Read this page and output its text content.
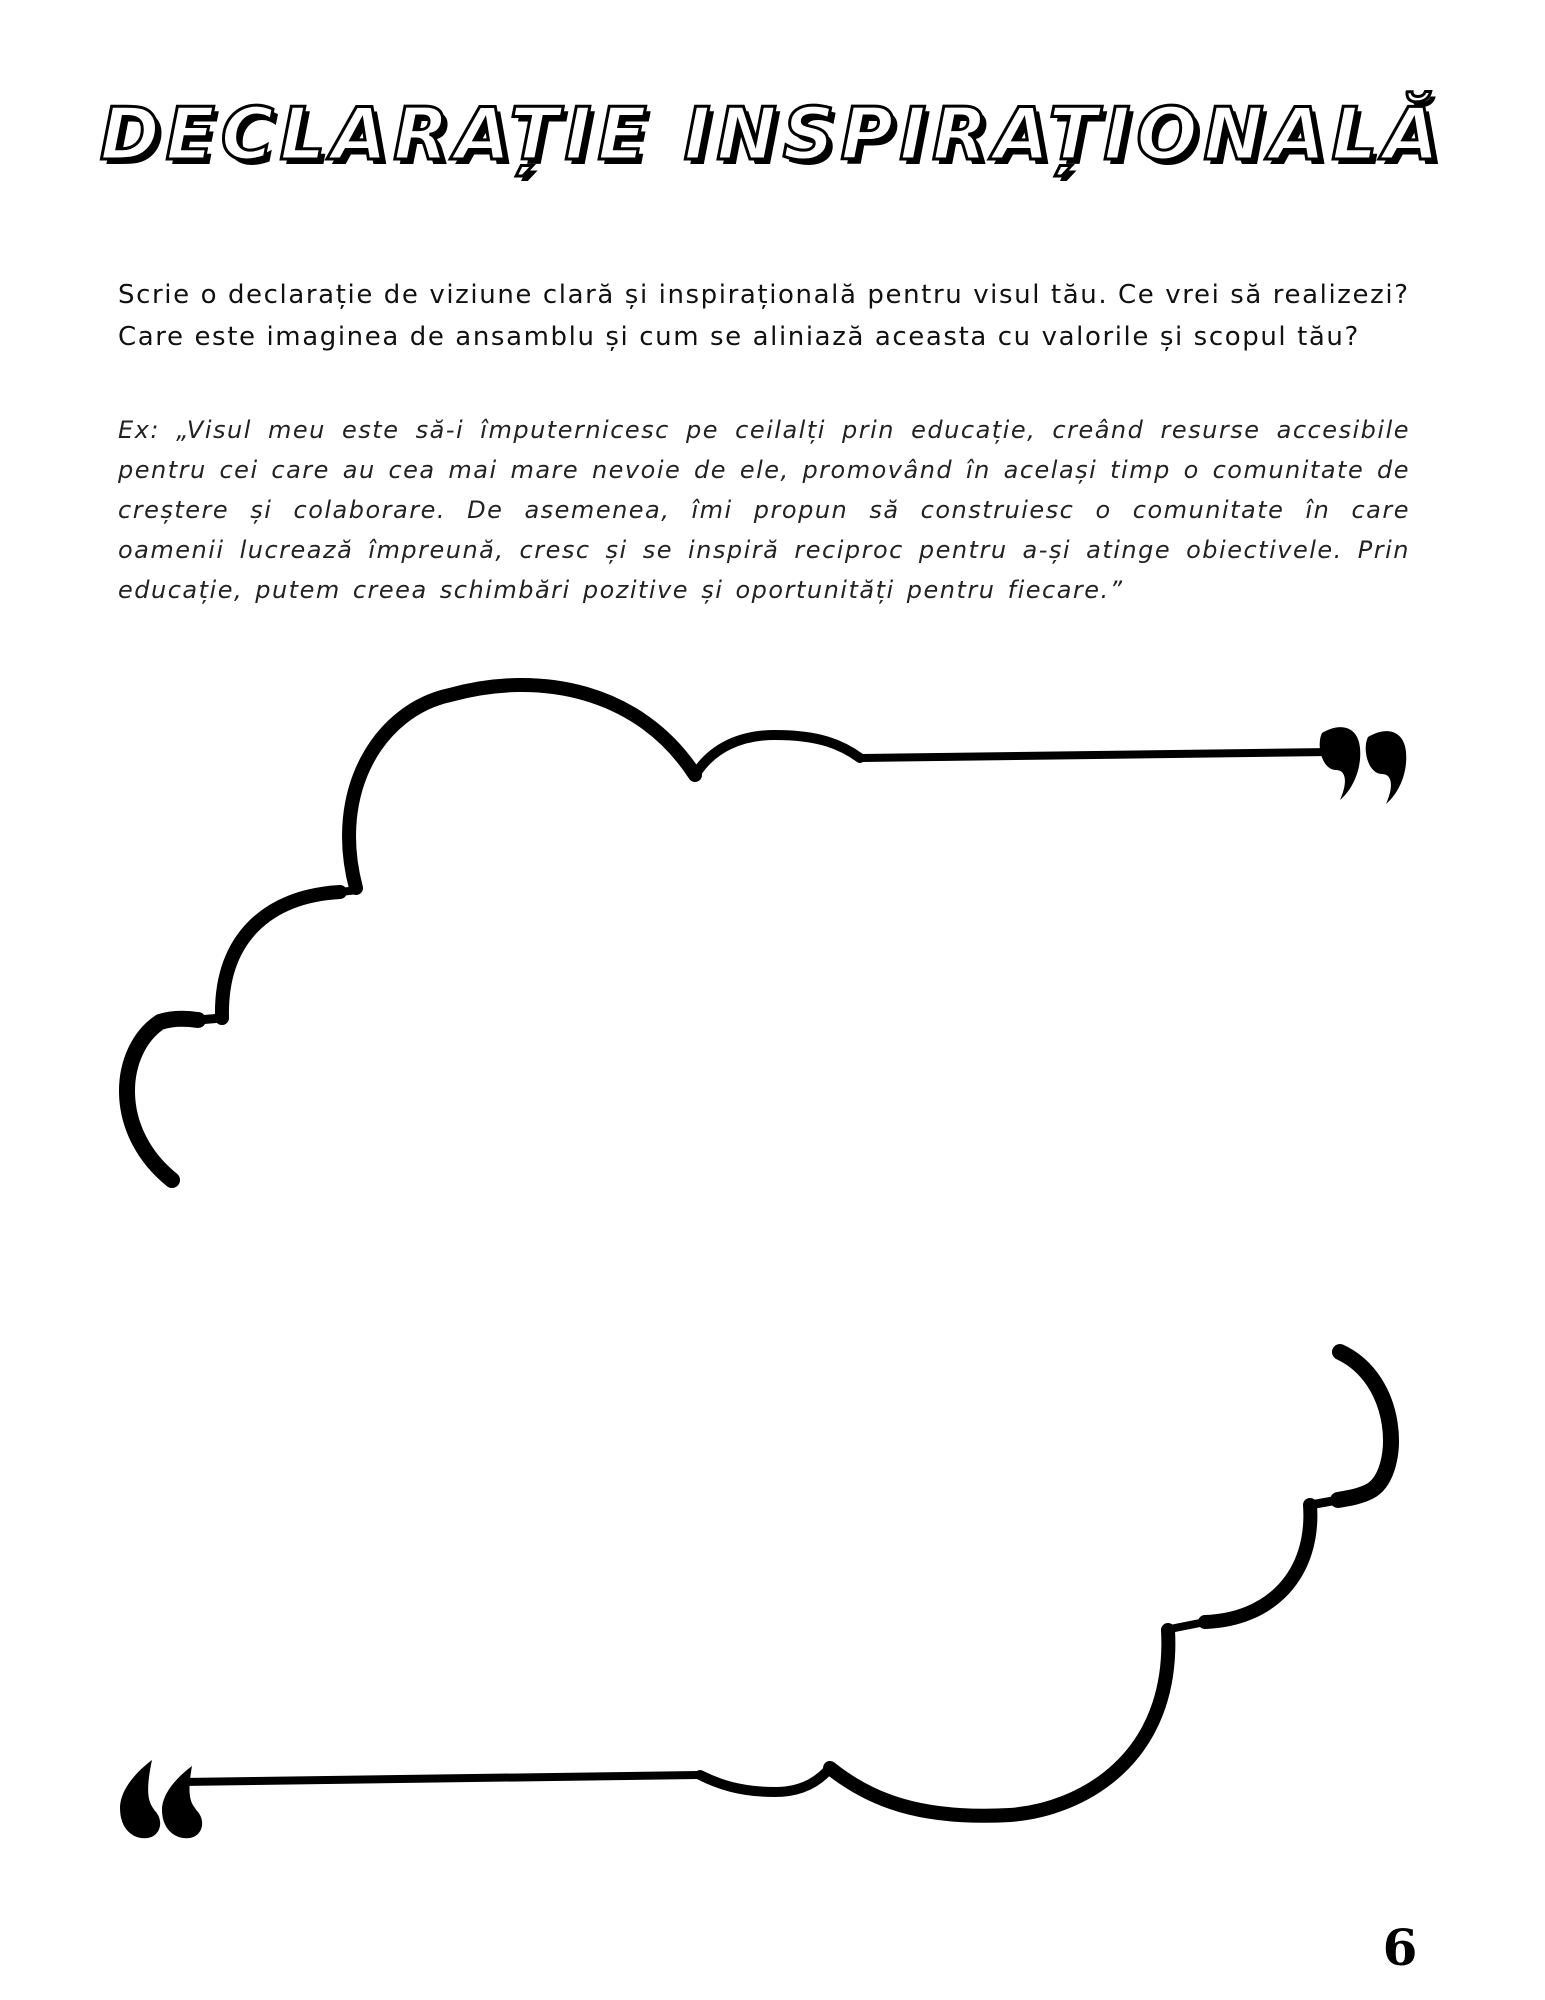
DECLARAȚIE INSPIRAȚIONALĂ

Scrie o declarație de viziune clară și inspirațională pentru visul tău. Ce vrei să realizezi?
Care este imaginea de ansamblu și cum se aliniază aceasta cu valorile și scopul tău?

Ex: „Visul meu este să-i împuternicesc pe ceilalți prin educație, creând resurse accesibile pentru cei care au cea mai mare nevoie de ele, promovând în același timp o comunitate de creștere și colaborare. De asemenea, îmi propun să construiesc o comunitate în care oamenii lucrează împreună, cresc și se inspiră reciproc pentru a-și atinge obiectivele. Prin educație, putem creea schimbări pozitive și oportunități pentru fiecare.”

6
